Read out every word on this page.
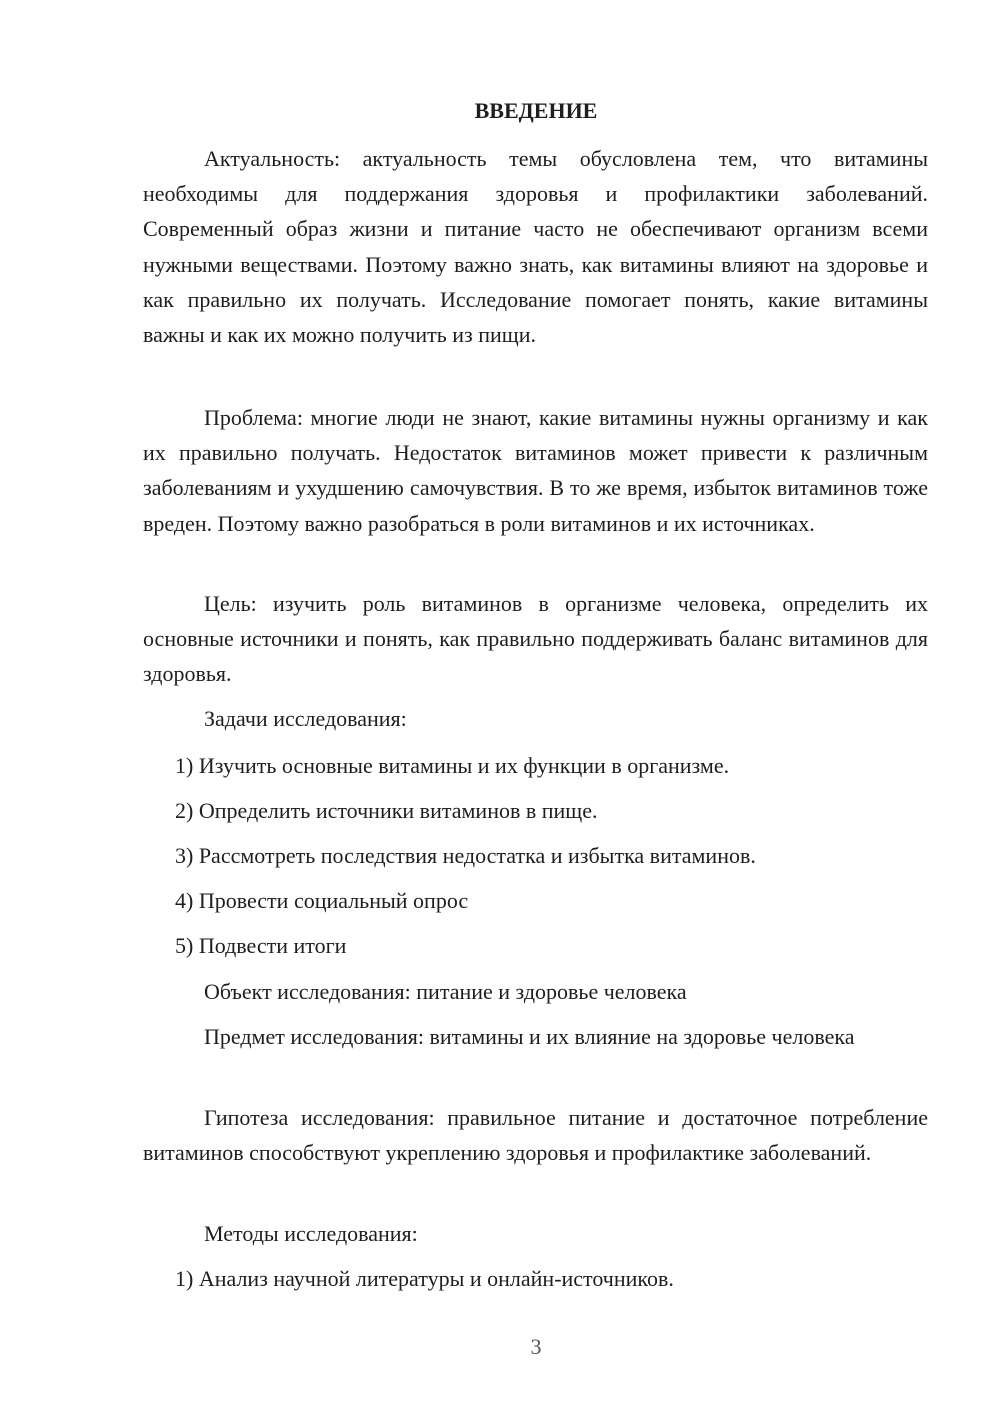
ВВЕДЕНИЕ

Актуальность: актуальность темы обусловлена тем, что витамины необходимы для поддержания здоровья и профилактики заболеваний. Современный образ жизни и питание часто не обеспечивают организм всеми нужными веществами. Поэтому важно знать, как витамины влияют на здоровье и как правильно их получать. Исследование помогает понять, какие витамины важны и как их можно получить из пищи.

Проблема: многие люди не знают, какие витамины нужны организму и как их правильно получать. Недостаток витаминов может привести к различным заболеваниям и ухудшению самочувствия. В то же время, избыток витаминов тоже вреден. Поэтому важно разобраться в роли витаминов и их источниках.

Цель: изучить роль витаминов в организме человека, определить их основные источники и понять, как правильно поддерживать баланс витаминов для здоровья.

Задачи исследования:

1) Изучить основные витамины и их функции в организме.
2) Определить источники витаминов в пище.
3) Рассмотреть последствия недостатка и избытка витаминов.
4) Провести социальный опрос
5) Подвести итоги

Объект исследования: питание и здоровье человека

Предмет исследования: витамины и их влияние на здоровье человека

Гипотеза исследования: правильное питание и достаточное потребление витаминов способствуют укреплению здоровья и профилактике заболеваний.

Методы исследования:

1) Анализ научной литературы и онлайн-источников.
3
